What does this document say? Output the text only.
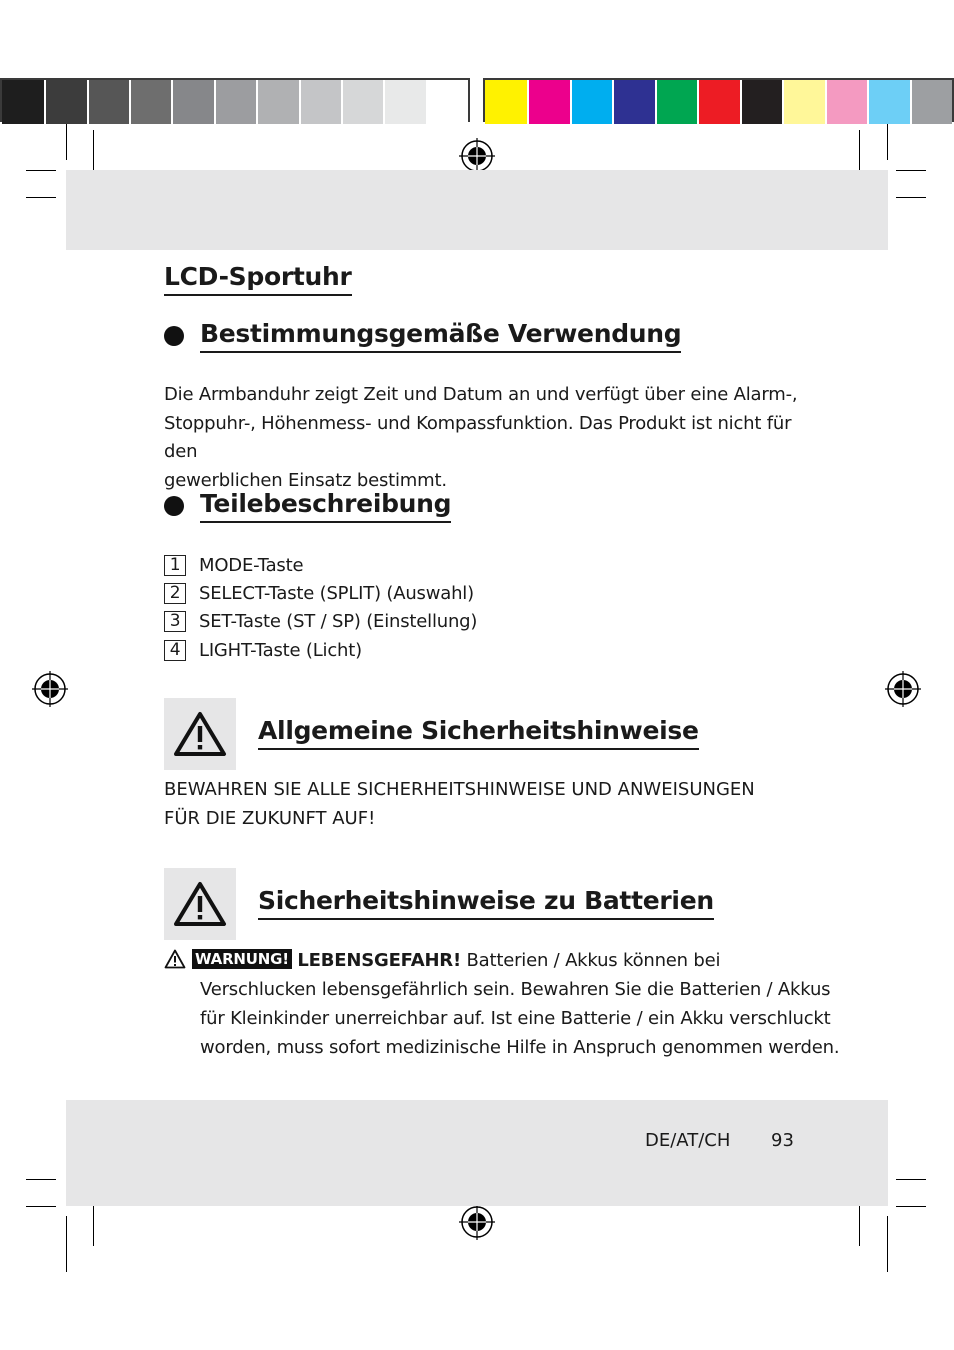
LCD-Sportuhr
Bestimmungsgemäße Verwendung
Die Armbanduhr zeigt Zeit und Datum an und verfügt über eine Alarm-,
Stoppuhr-, Höhenmess- und Kompassfunktion. Das Produkt ist nicht für den
gewerblichen Einsatz bestimmt.
Teilebeschreibung
1	MODE-Taste
2	SELECT-Taste (SPLIT) (Auswahl)
3	SET-Taste (ST / SP) (Einstellung)
4	LIGHT-Taste (Licht)
Allgemeine Sicherheitshinweise
BEWAHREN SIE ALLE SICHERHEITSHINWEISE UND ANWEISUNGEN
FÜR DIE ZUKUNFT AUF!
Sicherheitshinweise zu Batterien
WARNUNG! LEBENSGEFAHR! Batterien / Akkus können bei
Verschlucken lebensgefährlich sein. Bewahren Sie die Batterien / Akkus
für Kleinkinder unerreichbar auf. Ist eine Batterie / ein Akku verschluckt
worden, muss sofort medizinische Hilfe in Anspruch genommen werden.
DE/AT/CH 93
